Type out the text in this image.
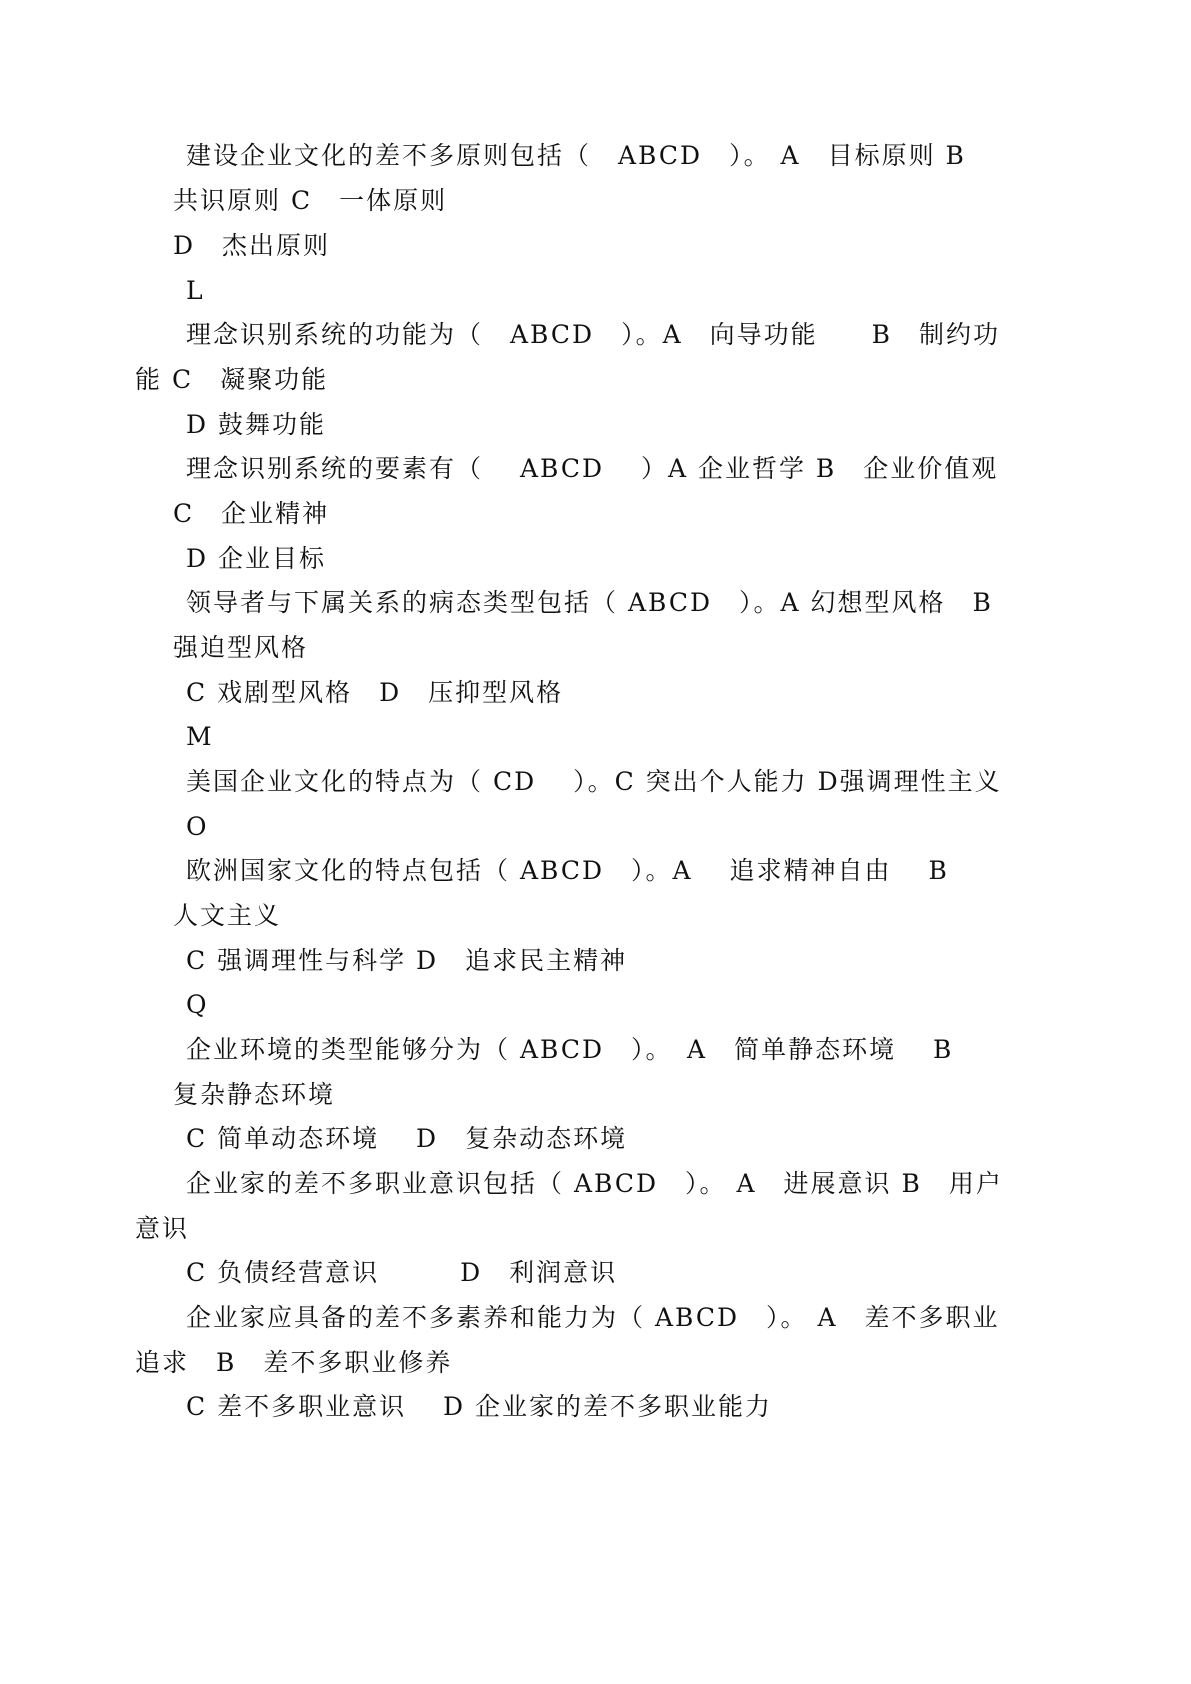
建设企业文化的差不多原则包括（　ABCD　）。 A　目标原则 B
共识原则 C　一体原则
D　杰出原则
L
理念识别系统的功能为（　ABCD　）。A　向导功能　　B　制约功
能 C　凝聚功能
D 鼓舞功能
理念识别系统的要素有（　 ABCD　 ）A 企业哲学 B　企业价值观
C　企业精神
D 企业目标
领导者与下属关系的病态类型包括（ ABCD　）。A 幻想型风格　B
强迫型风格
C 戏剧型风格　D　压抑型风格
M
美国企业文化的特点为（ CD　 ）。C 突出个人能力 D强调理性主义
O
欧洲国家文化的特点包括（ ABCD　）。A　 追求精神自由　 B
人文主义
C 强调理性与科学 D　追求民主精神
Q
企业环境的类型能够分为（ ABCD　）。　A　简单静态环境　 B
复杂静态环境
C 简单动态环境　 D　复杂动态环境
企业家的差不多职业意识包括（ ABCD　）。 A　进展意识 B　用户
意识
C 负债经营意识　　　D　利润意识
企业家应具备的差不多素养和能力为（ ABCD　）。 A　差不多职业
追求　B　差不多职业修养
C 差不多职业意识　 D 企业家的差不多职业能力
